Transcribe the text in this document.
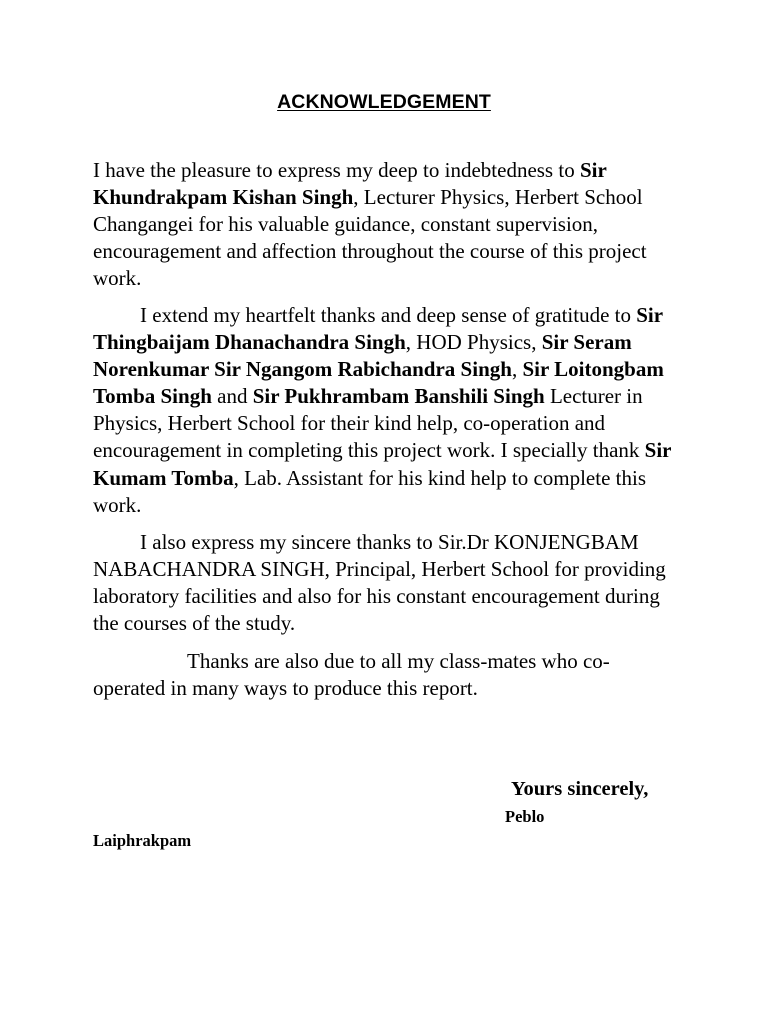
ACKNOWLEDGEMENT

I have the pleasure to express my deep to indebtedness to Sir Khundrakpam Kishan Singh, Lecturer Physics, Herbert School Changangei for his valuable guidance, constant supervision, encouragement and affection throughout the course of this project work.

I extend my heartfelt thanks and deep sense of gratitude to Sir Thingbaijam Dhanachandra Singh, HOD Physics, Sir Seram Norenkumar Sir Ngangom Rabichandra Singh, Sir Loitongbam Tomba Singh and Sir Pukhrambam Banshili Singh Lecturer in Physics, Herbert School for their kind help, co-operation and encouragement in completing this project work. I specially thank Sir Kumam Tomba, Lab. Assistant for his kind help to complete this work.

I also express my sincere thanks to Sir.Dr KONJENGBAM NABACHANDRA SINGH, Principal, Herbert School for providing laboratory facilities and also for his constant encouragement during the courses of the study.

Thanks are also due to all my class-mates who co-operated in many ways to produce this report.

Yours sincerely,
Peblo
Laiphrakpam
